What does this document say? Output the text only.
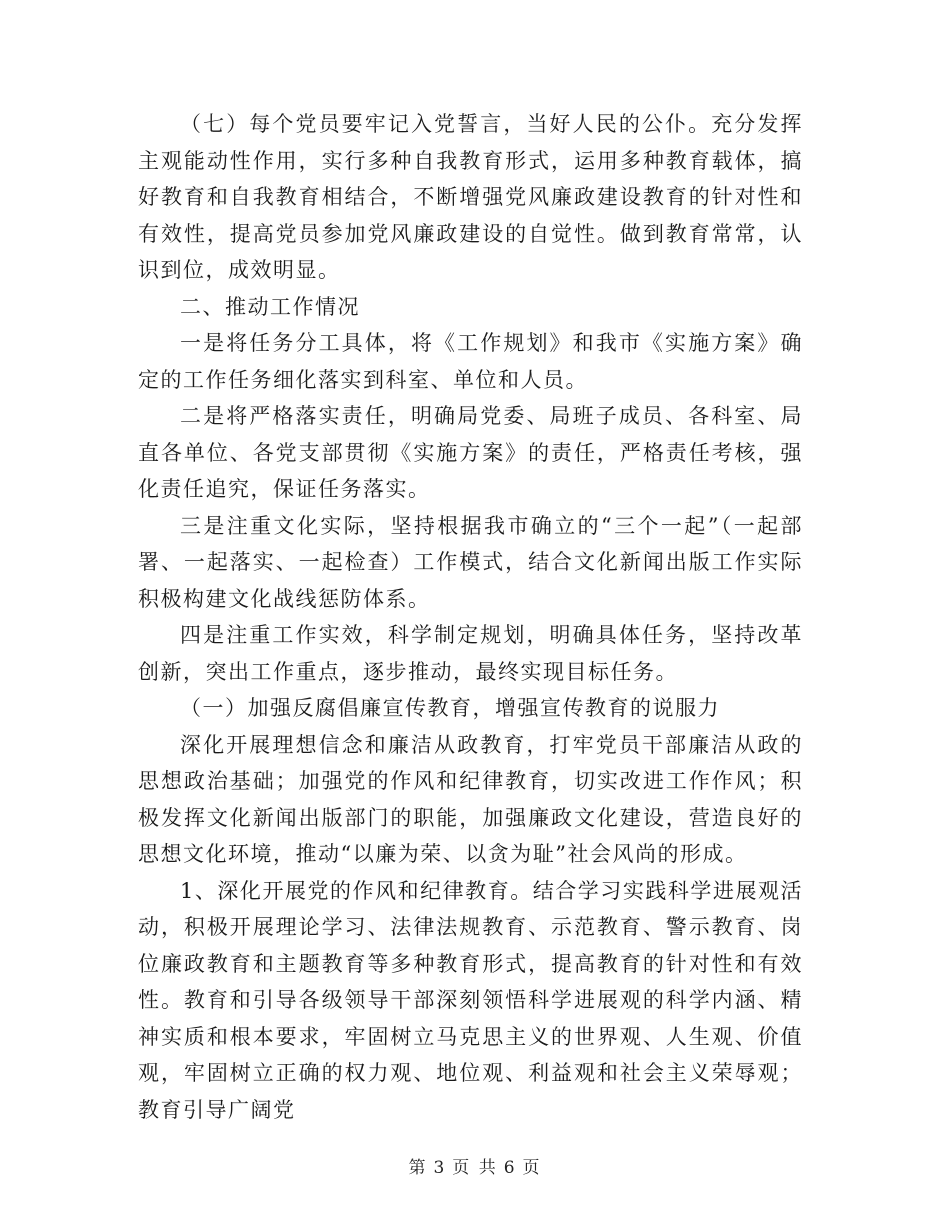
（七）每个党员要牢记入党誓言，当好人民的公仆。充分发挥主观能动性作用，实行多种自我教育形式，运用多种教育载体，搞好教育和自我教育相结合，不断增强党风廉政建设教育的针对性和有效性，提高党员参加党风廉政建设的自觉性。做到教育常常，认识到位，成效明显。

二、推动工作情况

一是将任务分工具体，将《工作规划》和我市《实施方案》确定的工作任务细化落实到科室、单位和人员。

二是将严格落实责任，明确局党委、局班子成员、各科室、局直各单位、各党支部贯彻《实施方案》的责任，严格责任考核，强化责任追究，保证任务落实。

三是注重文化实际，坚持根据我市确立的“三个一起”（一起部署、一起落实、一起检查）工作模式，结合文化新闻出版工作实际积极构建文化战线惩防体系。

四是注重工作实效，科学制定规划，明确具体任务，坚持改革创新，突出工作重点，逐步推动，最终实现目标任务。

（一）加强反腐倡廉宣传教育，增强宣传教育的说服力

深化开展理想信念和廉洁从政教育，打牢党员干部廉洁从政的思想政治基础；加强党的作风和纪律教育，切实改进工作作风；积极发挥文化新闻出版部门的职能，加强廉政文化建设，营造良好的思想文化环境，推动“以廉为荣、以贪为耻”社会风尚的形成。

1、深化开展党的作风和纪律教育。结合学习实践科学进展观活动，积极开展理论学习、法律法规教育、示范教育、警示教育、岗位廉政教育和主题教育等多种教育形式，提高教育的针对性和有效性。教育和引导各级领导干部深刻领悟科学进展观的科学内涵、精神实质和根本要求，牢固树立马克思主义的世界观、人生观、价值观，牢固树立正确的权力观、地位观、利益观和社会主义荣辱观；教育引导广阔党

第 3 页 共 6 页
